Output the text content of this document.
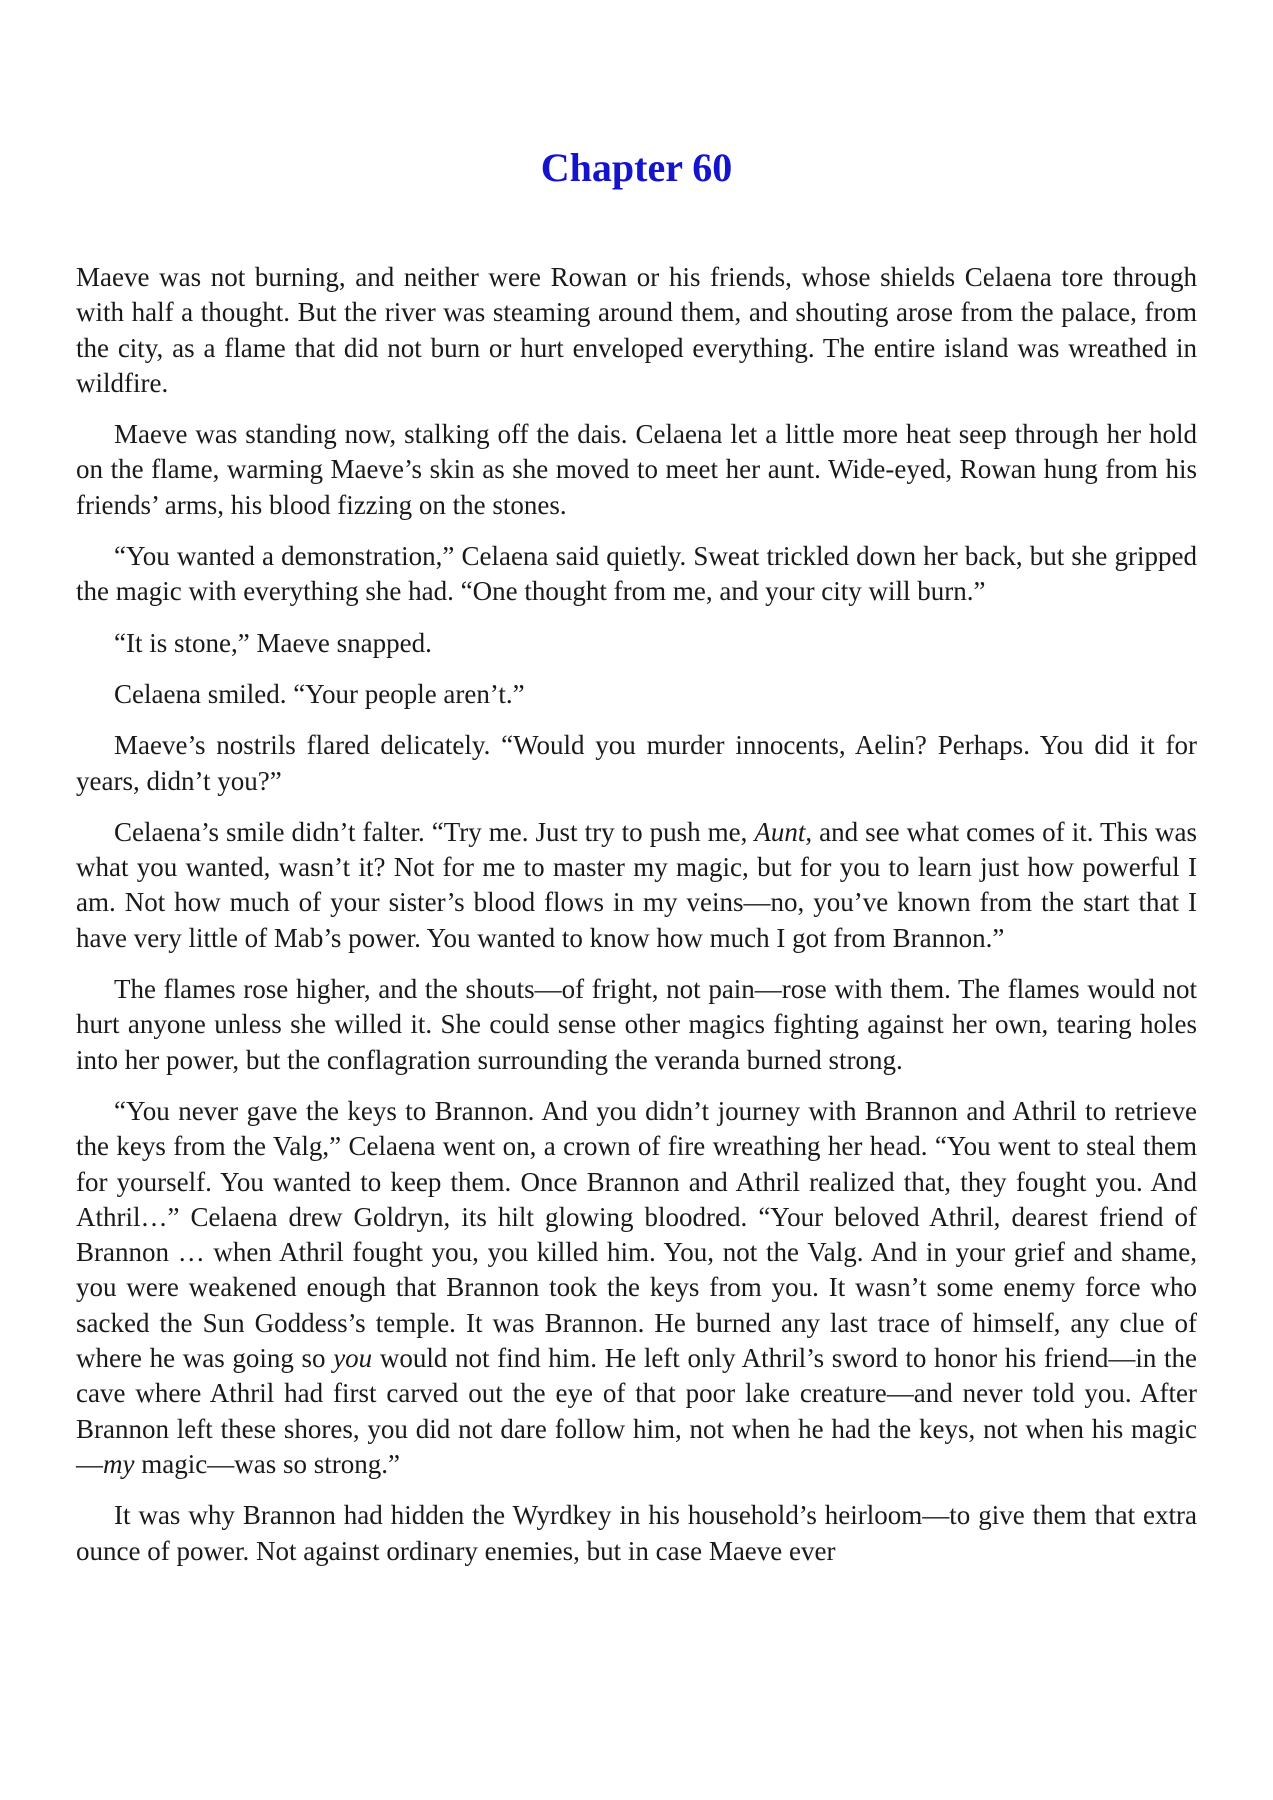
Chapter 60

Maeve was not burning, and neither were Rowan or his friends, whose shields Celaena tore through with half a thought. But the river was steaming around them, and shouting arose from the palace, from the city, as a flame that did not burn or hurt enveloped everything. The entire island was wreathed in wildfire.

Maeve was standing now, stalking off the dais. Celaena let a little more heat seep through her hold on the flame, warming Maeve’s skin as she moved to meet her aunt. Wide-eyed, Rowan hung from his friends’ arms, his blood fizzing on the stones.

“You wanted a demonstration,” Celaena said quietly. Sweat trickled down her back, but she gripped the magic with everything she had. “One thought from me, and your city will burn.”

“It is stone,” Maeve snapped.

Celaena smiled. “Your people aren’t.”

Maeve’s nostrils flared delicately. “Would you murder innocents, Aelin? Perhaps. You did it for years, didn’t you?”

Celaena’s smile didn’t falter. “Try me. Just try to push me, Aunt, and see what comes of it. This was what you wanted, wasn’t it? Not for me to master my magic, but for you to learn just how powerful I am. Not how much of your sister’s blood flows in my veins—no, you’ve known from the start that I have very little of Mab’s power. You wanted to know how much I got from Brannon.”

The flames rose higher, and the shouts—of fright, not pain—rose with them. The flames would not hurt anyone unless she willed it. She could sense other magics fighting against her own, tearing holes into her power, but the conflagration surrounding the veranda burned strong.

“You never gave the keys to Brannon. And you didn’t journey with Brannon and Athril to retrieve the keys from the Valg,” Celaena went on, a crown of fire wreathing her head. “You went to steal them for yourself. You wanted to keep them. Once Brannon and Athril realized that, they fought you. And Athril…” Celaena drew Goldryn, its hilt glowing bloodred. “Your beloved Athril, dearest friend of Brannon … when Athril fought you, you killed him. You, not the Valg. And in your grief and shame, you were weakened enough that Brannon took the keys from you. It wasn’t some enemy force who sacked the Sun Goddess’s temple. It was Brannon. He burned any last trace of himself, any clue of where he was going so you would not find him. He left only Athril’s sword to honor his friend—in the cave where Athril had first carved out the eye of that poor lake creature—and never told you. After Brannon left these shores, you did not dare follow him, not when he had the keys, not when his magic—my magic—was so strong.”

It was why Brannon had hidden the Wyrdkey in his household’s heirloom—to give them that extra ounce of power. Not against ordinary enemies, but in case Maeve ever
